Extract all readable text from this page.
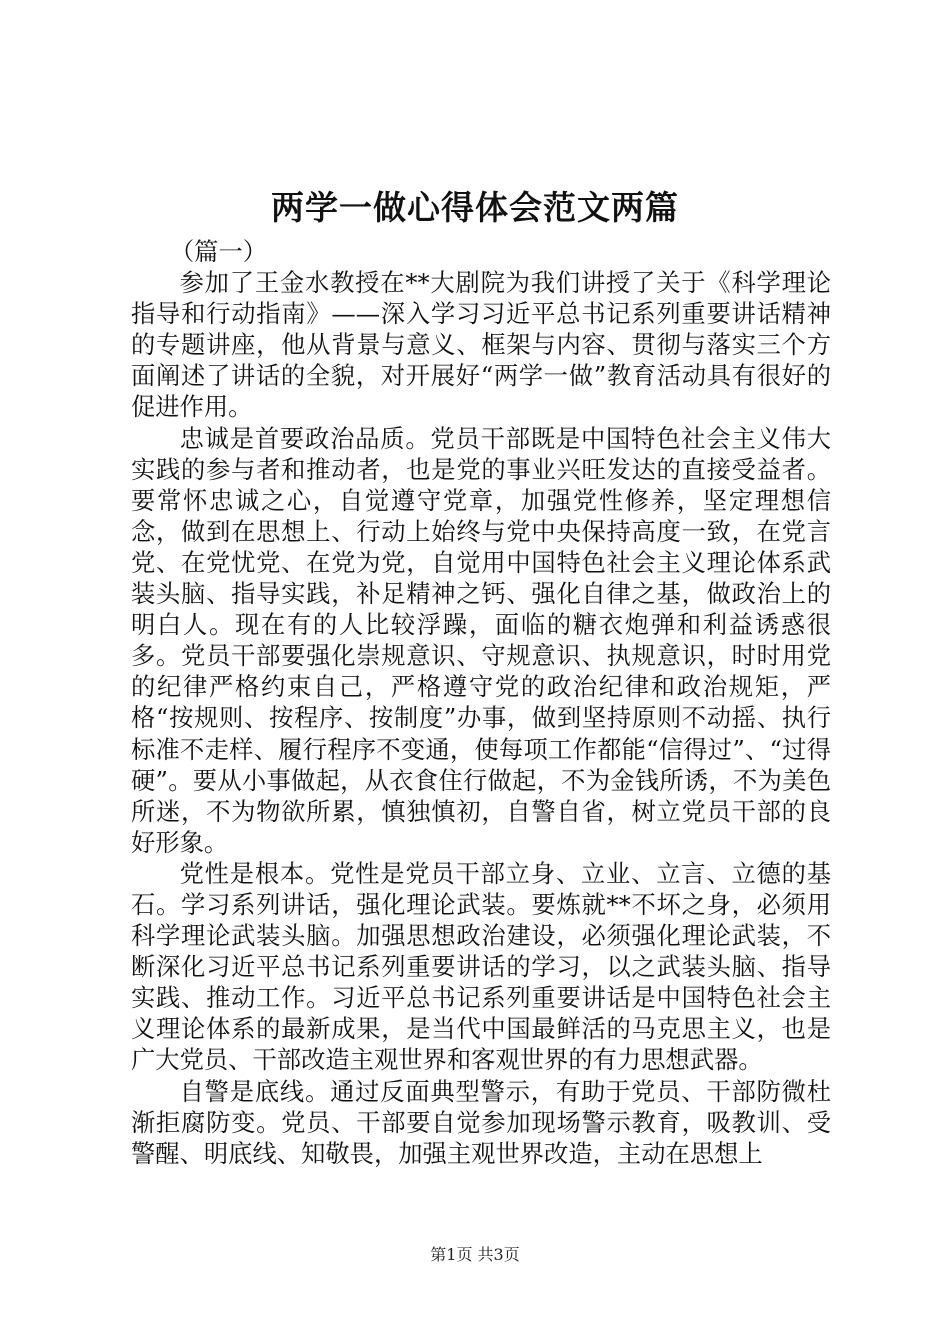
两学一做心得体会范文两篇

（篇一）

参加了王金水教授在**大剧院为我们讲授了关于《科学理论指导和行动指南》——深入学习习近平总书记系列重要讲话精神的专题讲座，他从背景与意义、框架与内容、贯彻与落实三个方面阐述了讲话的全貌，对开展好“两学一做”教育活动具有很好的促进作用。

忠诚是首要政治品质。党员干部既是中国特色社会主义伟大实践的参与者和推动者，也是党的事业兴旺发达的直接受益者。要常怀忠诚之心，自觉遵守党章，加强党性修养，坚定理想信念，做到在思想上、行动上始终与党中央保持高度一致，在党言党、在党忧党、在党为党，自觉用中国特色社会主义理论体系武装头脑、指导实践，补足精神之钙、强化自律之基，做政治上的明白人。现在有的人比较浮躁，面临的糖衣炮弹和利益诱惑很多。党员干部要强化崇规意识、守规意识、执规意识，时时用党的纪律严格约束自己，严格遵守党的政治纪律和政治规矩，严格“按规则、按程序、按制度”办事，做到坚持原则不动摇、执行标准不走样、履行程序不变通，使每项工作都能“信得过”、“过得硬”。要从小事做起，从衣食住行做起，不为金钱所诱，不为美色所迷，不为物欲所累，慎独慎初，自警自省，树立党员干部的良好形象。

党性是根本。党性是党员干部立身、立业、立言、立德的基石。学习系列讲话，强化理论武装。要炼就**不坏之身，必须用科学理论武装头脑。加强思想政治建设，必须强化理论武装，不断深化习近平总书记系列重要讲话的学习，以之武装头脑、指导实践、推动工作。习近平总书记系列重要讲话是中国特色社会主义理论体系的最新成果，是当代中国最鲜活的马克思主义，也是广大党员、干部改造主观世界和客观世界的有力思想武器。

自警是底线。通过反面典型警示，有助于党员、干部防微杜渐拒腐防变。党员、干部要自觉参加现场警示教育，吸教训、受警醒、明底线、知敬畏，加强主观世界改造，主动在思想上

第1页 共3页
